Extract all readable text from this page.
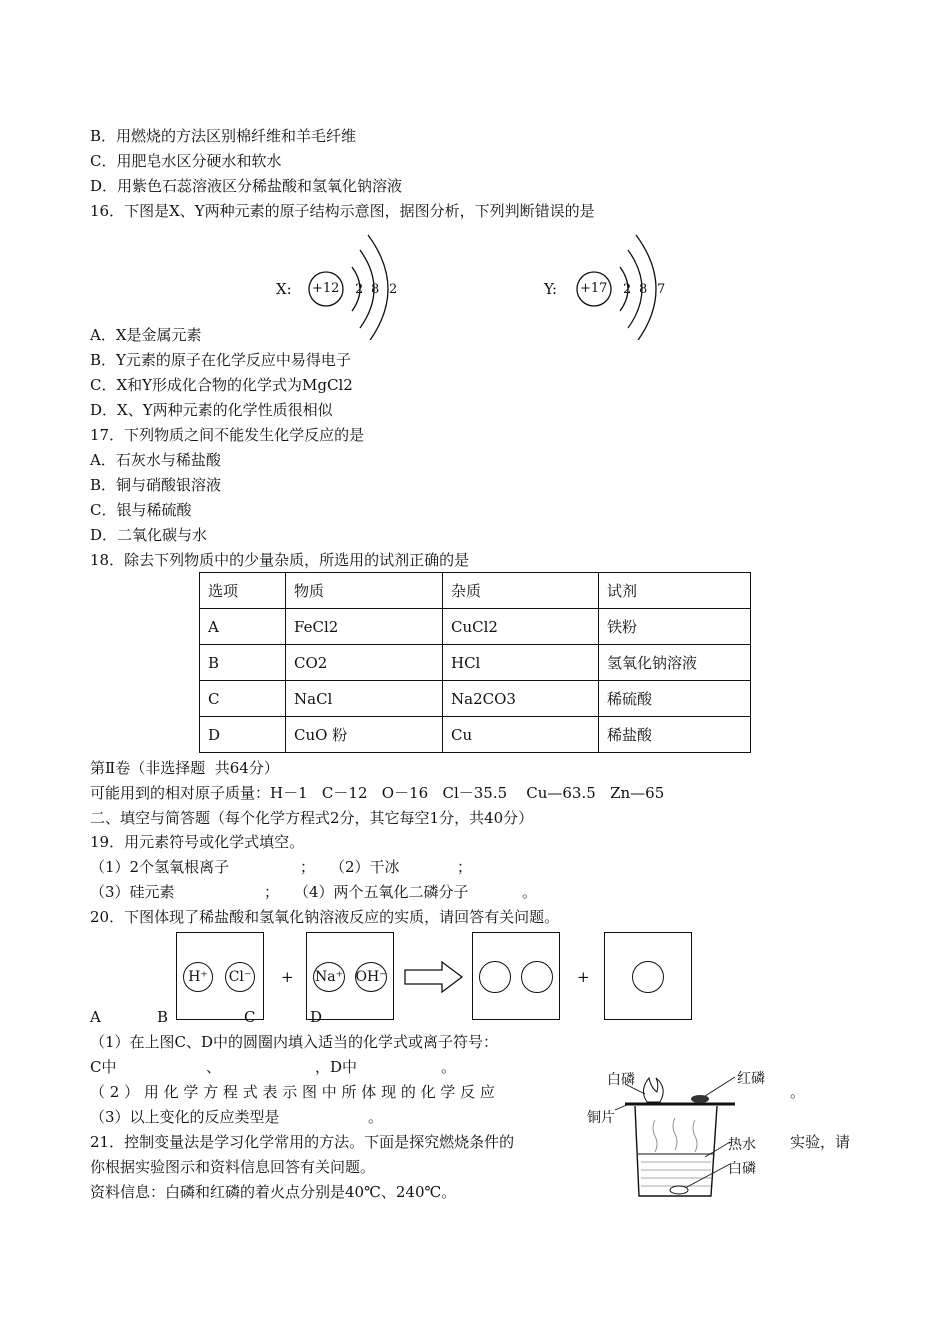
B．用燃烧的方法区别棉纤维和羊毛纤维
C．用肥皂水区分硬水和软水
D．用紫色石蕊溶液区分稀盐酸和氢氧化钠溶液
16．下图是X、Y两种元素的原子结构示意图，据图分析，下列判断错误的是
X: +12 2 8 2	Y: +17 2 8 7
A．X是金属元素
B．Y元素的原子在化学反应中易得电子
C．X和Y形成化合物的化学式为MgCl2
D．X、Y两种元素的化学性质很相似
17．下列物质之间不能发生化学反应的是
A．石灰水与稀盐酸
B．铜与硝酸银溶液
C．银与稀硫酸
D．二氧化碳与水
18．除去下列物质中的少量杂质，所选用的试剂正确的是
选项	物质	杂质	试剂
A	FeCl2	CuCl2	铁粉
B	CO2	HCl	氢氧化钠溶液
C	NaCl	Na2CO3	稀硫酸
D	CuO 粉	Cu	稀盐酸
第Ⅱ卷（非选择题  共64分）
可能用到的相对原子质量：H－1   C－12   O－16   Cl－35.5    Cu—63.5   Zn—65
二、填空与简答题（每个化学方程式2分，其它每空1分，共40分）
19．用元素符号或化学式填空。
（1）2个氢氧根离子	； （2）干冰	；
（3）硅元素	； （4）两个五氧化二磷分子	。
20．下图体现了稀盐酸和氢氧化钠溶液反应的实质，请回答有关问题。
H⁺	Cl⁻ + Na⁺ OH⁻	+
A	B	C	D
（1）在上图C、D中的圆圈内填入适当的化学式或离子符号：
C中	、	，D中	。
（ 2 ） 用 化 学 方 程 式 表 示 图 中 所 体 现 的 化 学 反 应	。
（3）以上变化的反应类型是	。
21．控制变量法是学习化学常用的方法。下面是探究燃烧条件的	实验，请
你根据实验图示和资料信息回答有关问题。
资料信息：白磷和红磷的着火点分别是40℃、240℃。
白磷	红磷
铜片
热水
白磷
